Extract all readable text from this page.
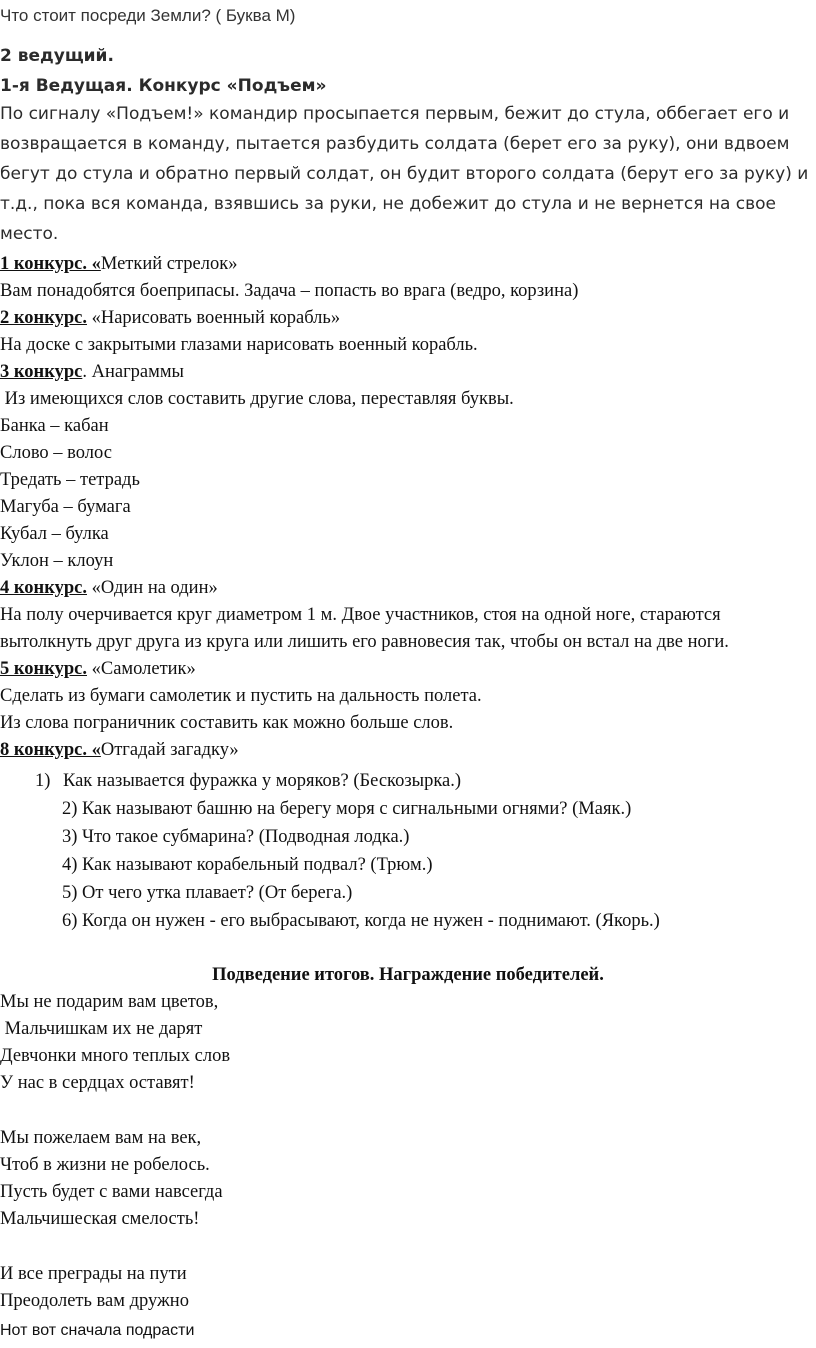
Что стоит посреди Земли? ( Буква М)
2 ведущий.
1-я Ведущая. Конкурс «Подъем»
По сигналу «Подъем!» командир просыпается первым, бежит до стула, оббегает его и
возвращается в команду, пытается разбудить солдата (берет его за руку), они вдвоем
бегут до стула и обратно первый солдат, он будит второго солдата (берут его за руку) и
т.д., пока вся команда, взявшись за руки, не добежит до стула и не вернется на свое
место.
1 конкурс. «Меткий стрелок»
Вам понадобятся боеприпасы. Задача – попасть во врага (ведро, корзина)
2 конкурс. «Нарисовать военный корабль»
На доске с закрытыми глазами нарисовать военный корабль.
3 конкурс. Анаграммы
Из имеющихся слов составить другие слова, переставляя буквы.
Банка – кабан
Слово – волос
Тредать – тетрадь
Магуба – бумага
Кубал – булка
Уклон – клоун
4 конкурс. «Один на один»
На полу очерчивается круг диаметром 1 м. Двое участников, стоя на одной ноге, стараются
вытолкнуть друг друга из круга или лишить его равновесия так, чтобы он встал на две ноги.
5 конкурс. «Самолетик»
Сделать из бумаги самолетик и пустить на дальность полета.
Из слова пограничник составить как можно больше слов.
8 конкурс. «Отгадай загадку»
1) Как называется фуражка у моряков? (Бескозырка.)
2) Как называют башню на берегу моря с сигнальными огнями? (Маяк.)
3) Что такое субмарина? (Подводная лодка.)
4) Как называют корабельный подвал? (Трюм.)
5) От чего утка плавает? (От берега.)
6) Когда он нужен - его выбрасывают, когда не нужен - поднимают. (Якорь.)
Подведение итогов. Награждение победителей.
Мы не подарим вам цветов,
Мальчишкам их не дарят
Девчонки много теплых слов
У нас в сердцах оставят!
Мы пожелаем вам на век,
Чтоб в жизни не робелось.
Пусть будет с вами навсегда
Мальчишеская смелость!
И все преграды на пути
Преодолеть вам дружно
Нот вот сначала подрасти
